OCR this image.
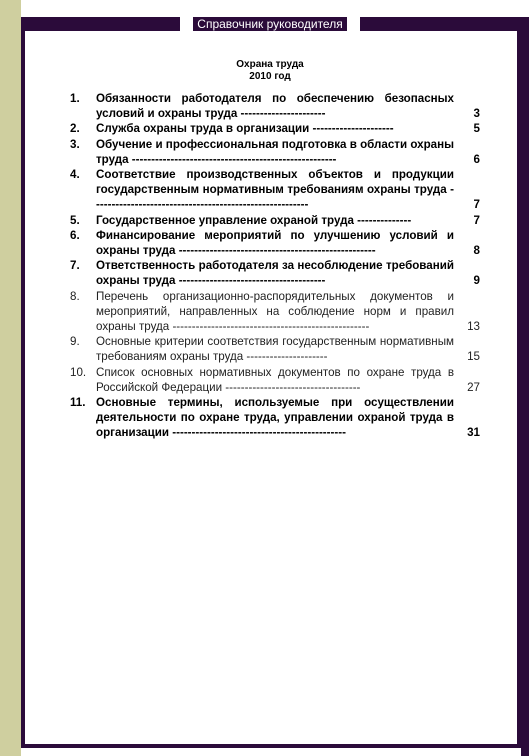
Справочник руководителя
Охрана труда
2010 год
1.	Обязанности работодателя по обеспечению безопасных условий и охраны труда ----------------------	3
2.	Служба охраны труда в организации ---------------------	5
3.	Обучение и профессиональная подготовка в области охраны труда -----------------------------------------------------	6
4.	Соответствие производственных объектов и продукции государственным нормативным требованиям охраны труда --------------------------------------------------------	7
5.	Государственное управление охраной труда --------------	7
6.	Финансирование мероприятий по улучшению условий и охраны труда ---------------------------------------------------	8
7.	Ответственность работодателя за несоблюдение требований охраны труда --------------------------------------	9
8.	Перечень организационно-распорядительных документов и мероприятий, направленных на соблюдение норм и правил охраны труда ---------------------------------------------------	13
9.	Основные критерии соответствия государственным нормативным требованиям охраны труда ---------------------	15
10. Список основных нормативных документов по охране труда в Российской Федерации -----------------------------------	27
11. Основные термины, используемые при осуществлении деятельности по охране труда, управлении охраной труда в организации ---------------------------------------------	31
